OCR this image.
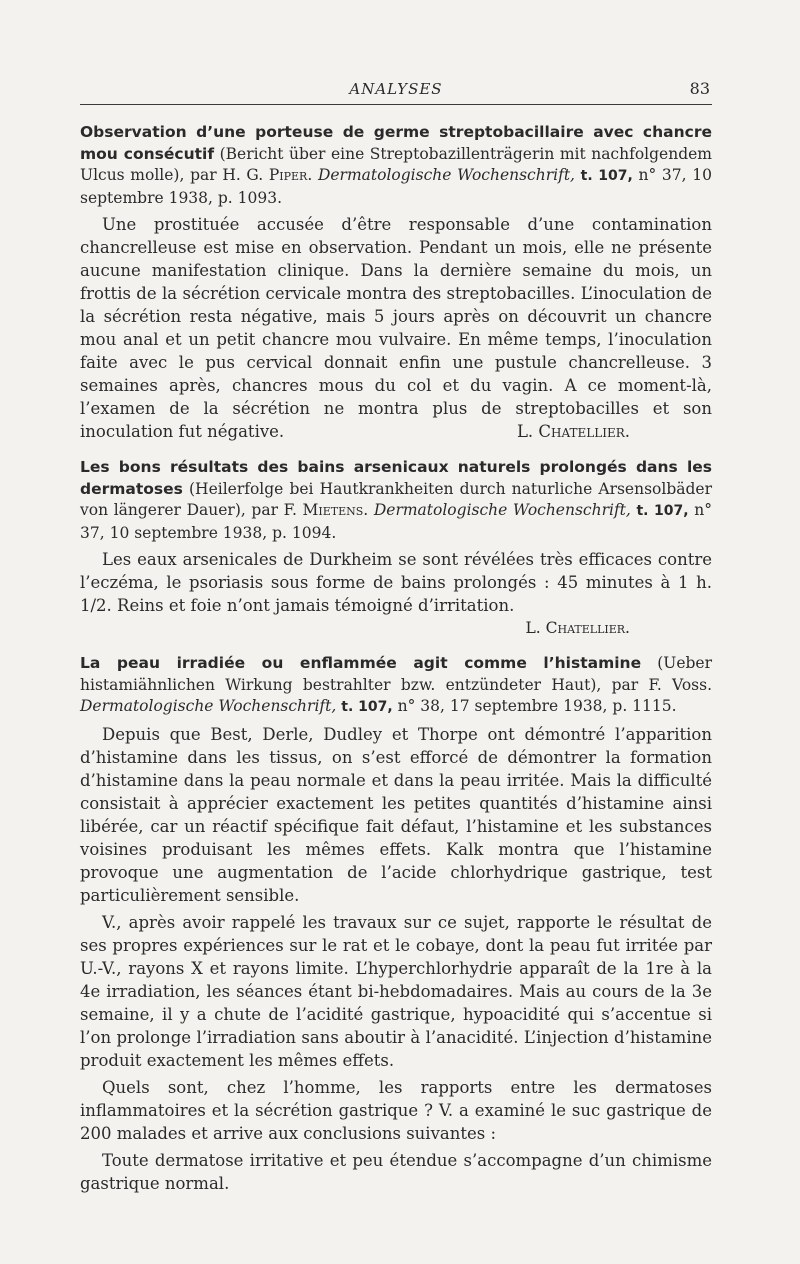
ANALYSES	83

Observation d’une porteuse de germe streptobacillaire avec chancre mou consécutif (Bericht über eine Streptobazillenträgerin mit nachfolgendem Ulcus molle), par H. G. Piper. Dermatologische Wochenschrift, t. 107, n° 37, 10 septembre 1938, p. 1093.

Une prostituée accusée d’être responsable d’une contamination chancrelleuse est mise en observation. Pendant un mois, elle ne présente aucune manifestation clinique. Dans la dernière semaine du mois, un frottis de la sécrétion cervicale montra des streptobacilles. L’inoculation de la sécrétion resta négative, mais 5 jours après on découvrit un chancre mou anal et un petit chancre mou vulvaire. En même temps, l’inoculation faite avec le pus cervical donnait enfin une pustule chancrelleuse. 3 semaines après, chancres mous du col et du vagin. A ce moment-là, l’examen de la sécrétion ne montra plus de streptobacilles et son inoculation fut négative.	L. Chatellier.

Les bons résultats des bains arsenicaux naturels prolongés dans les dermatoses (Heilerfolge bei Hautkrankheiten durch naturliche Arsensolbäder von längerer Dauer), par F. Mietens. Dermatologische Wochenschrift, t. 107, n° 37, 10 septembre 1938, p. 1094.

Les eaux arsenicales de Durkheim se sont révélées très efficaces contre l’eczéma, le psoriasis sous forme de bains prolongés : 45 minutes à 1 h. 1/2. Reins et foie n’ont jamais témoigné d’irritation.

L. Chatellier.

La peau irradiée ou enflammée agit comme l’histamine (Ueber histamiähnlichen Wirkung bestrahlter bzw. entzündeter Haut), par F. Voss. Dermatologische Wochenschrift, t. 107, n° 38, 17 septembre 1938, p. 1115.

Depuis que Best, Derle, Dudley et Thorpe ont démontré l’apparition d’histamine dans les tissus, on s’est efforcé de démontrer la formation d’histamine dans la peau normale et dans la peau irritée. Mais la difficulté consistait à apprécier exactement les petites quantités d’histamine ainsi libérée, car un réactif spécifique fait défaut, l’histamine et les substances voisines produisant les mêmes effets. Kalk montra que l’histamine provoque une augmentation de l’acide chlorhydrique gastrique, test particulièrement sensible.

V., après avoir rappelé les travaux sur ce sujet, rapporte le résultat de ses propres expériences sur le rat et le cobaye, dont la peau fut irritée par U.-V., rayons X et rayons limite. L’hyperchlorhydrie apparaît de la 1re à la 4e irradiation, les séances étant bi-hebdomadaires. Mais au cours de la 3e semaine, il y a chute de l’acidité gastrique, hypoacidité qui s’accentue si l’on prolonge l’irradiation sans aboutir à l’anacidité. L’injection d’histamine produit exactement les mêmes effets.

Quels sont, chez l’homme, les rapports entre les dermatoses inflammatoires et la sécrétion gastrique ? V. a examiné le suc gastrique de 200 malades et arrive aux conclusions suivantes :

Toute dermatose irritative et peu étendue s’accompagne d’un chimisme gastrique normal.
